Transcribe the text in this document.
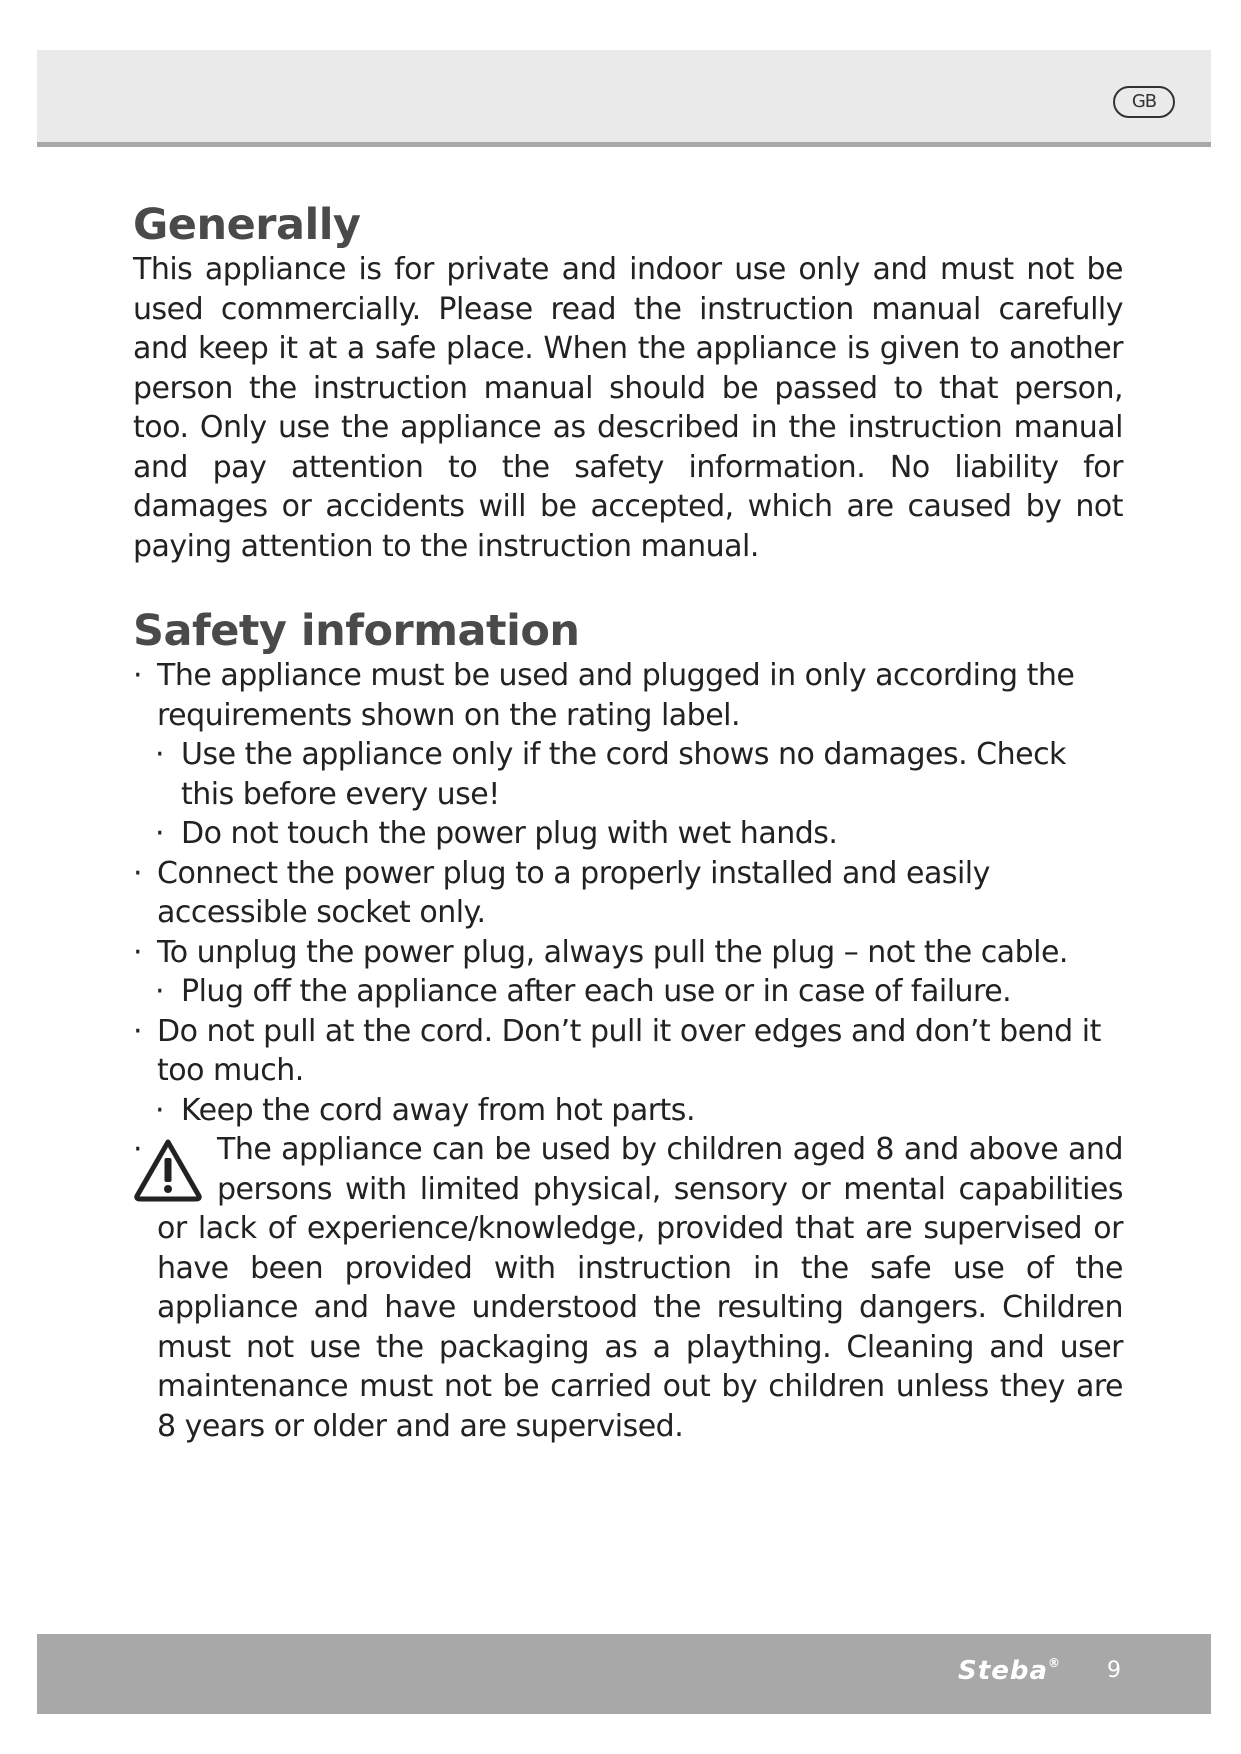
GB
Generally

This appliance is for private and indoor use only and must not be used commercially. Please read the instruction manual carefully and keep it at a safe place. When the appliance is given to another person the instruction manual should be passed to that person, too. Only use the appliance as described in the instruction manual and pay attention to the safety information. No liability for damages or accidents will be accepted, which are caused by not paying attention to the instruction manual.

Safety information
· The appliance must be used and plugged in only according the requirements shown on the rating label.
· Use the appliance only if the cord shows no damages. Check this before every use!
· Do not touch the power plug with wet hands.
· Connect the power plug to a properly installed and easily accessible socket only.
· To unplug the power plug, always pull the plug – not the cable.
· Plug off the appliance after each use or in case of failure.
· Do not pull at the cord. Don’t pull it over edges and don’t bend it too much.
· Keep the cord away from hot parts.
·	The appliance can be used by children aged 8 and above and persons with limited physical, sensory or mental capabilities or lack of experience/knowledge, provided that are supervised or have been provided with instruction in the safe use of the appliance and have understood the resulting dangers. Children must not use the packaging as a plaything. Cleaning and user maintenance must not be carried out by children unless they are 8 years or older and are supervised.
Steba® 9
